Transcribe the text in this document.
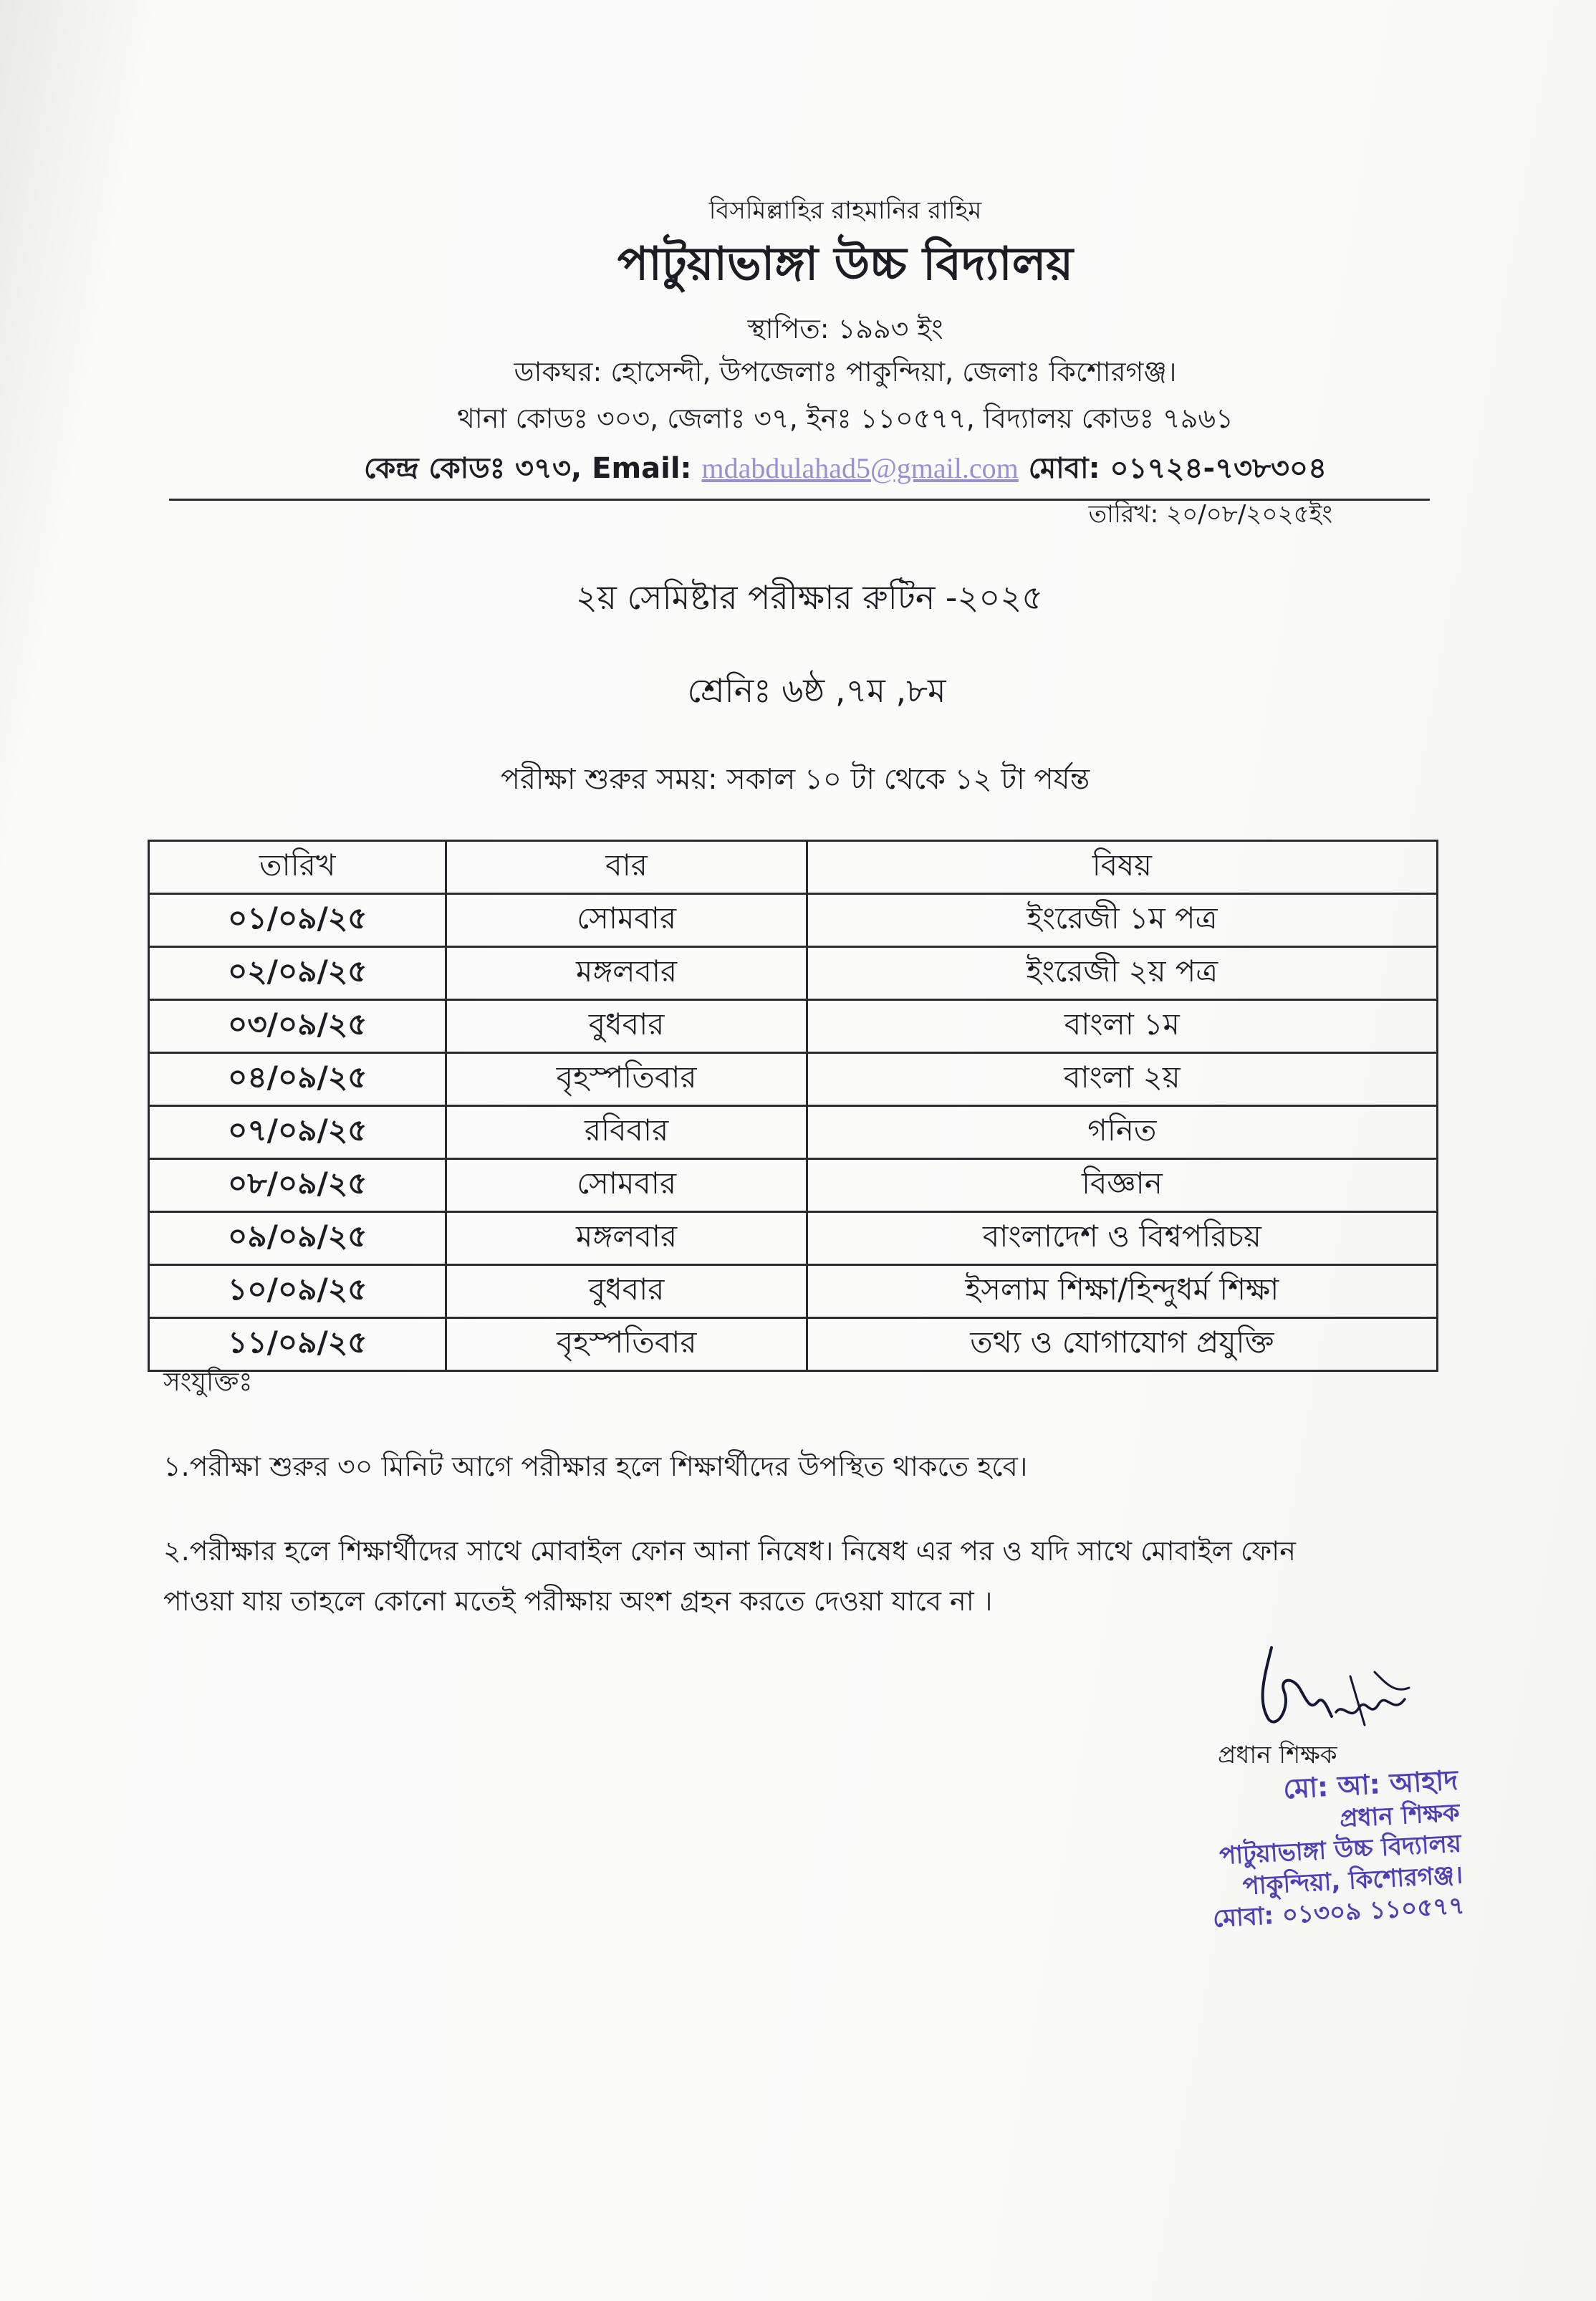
বিসমিল্লাহির রাহমানির রাহিম
পাটুয়াভাঙ্গা উচ্চ বিদ্যালয়
স্থাপিত: ১৯৯৩ ইং
ডাকঘর: হোসেন্দী, উপজেলাঃ পাকুন্দিয়া, জেলাঃ কিশোরগঞ্জ।
থানা কোডঃ ৩০৩, জেলাঃ ৩৭, ইনঃ ১১০৫৭৭, বিদ্যালয় কোডঃ ৭৯৬১
কেন্দ্র কোডঃ ৩৭৩, Email: mdabdulahad5@gmail.com মোবা: ০১৭২৪-৭৩৮৩০৪
তারিখ: ২০/০৮/২০২৫ইং
২য় সেমিষ্টার পরীক্ষার রুটিন -২০২৫
শ্রেনিঃ ৬ষ্ঠ ,৭ম ,৮ম
পরীক্ষা শুরুর সময়: সকাল ১০ টা থেকে ১২ টা পর্যন্ত
তারিখ	বার	বিষয়
০১/০৯/২৫	সোমবার	ইংরেজী ১ম পত্র
০২/০৯/২৫	মঙ্গলবার	ইংরেজী ২য় পত্র
০৩/০৯/২৫	বুধবার	বাংলা ১ম
০৪/০৯/২৫	বৃহস্পতিবার	বাংলা ২য়
০৭/০৯/২৫	রবিবার	গনিত
০৮/০৯/২৫	সোমবার	বিজ্ঞান
০৯/০৯/২৫	মঙ্গলবার	বাংলাদেশ ও বিশ্বপরিচয়
১০/০৯/২৫	বুধবার	ইসলাম শিক্ষা/হিন্দুধর্ম শিক্ষা
১১/০৯/২৫	বৃহস্পতিবার	তথ্য ও যোগাযোগ প্রযুক্তি
সংযুক্তিঃ
১.পরীক্ষা শুরুর ৩০ মিনিট আগে পরীক্ষার হলে শিক্ষার্থীদের উপস্থিত থাকতে হবে।
২.পরীক্ষার হলে শিক্ষার্থীদের সাথে মোবাইল ফোন আনা নিষেধ। নিষেধ এর পর ও যদি সাথে মোবাইল ফোন
পাওয়া যায় তাহলে কোনো মতেই পরীক্ষায় অংশ গ্রহন করতে দেওয়া যাবে না ।
প্রধান শিক্ষক
মো: আ: আহাদ
প্রধান শিক্ষক
পাটুয়াভাঙ্গা উচ্চ বিদ্যালয়
পাকুন্দিয়া, কিশোরগঞ্জ।
মোবা: ০১৩০৯ ১১০৫৭৭
